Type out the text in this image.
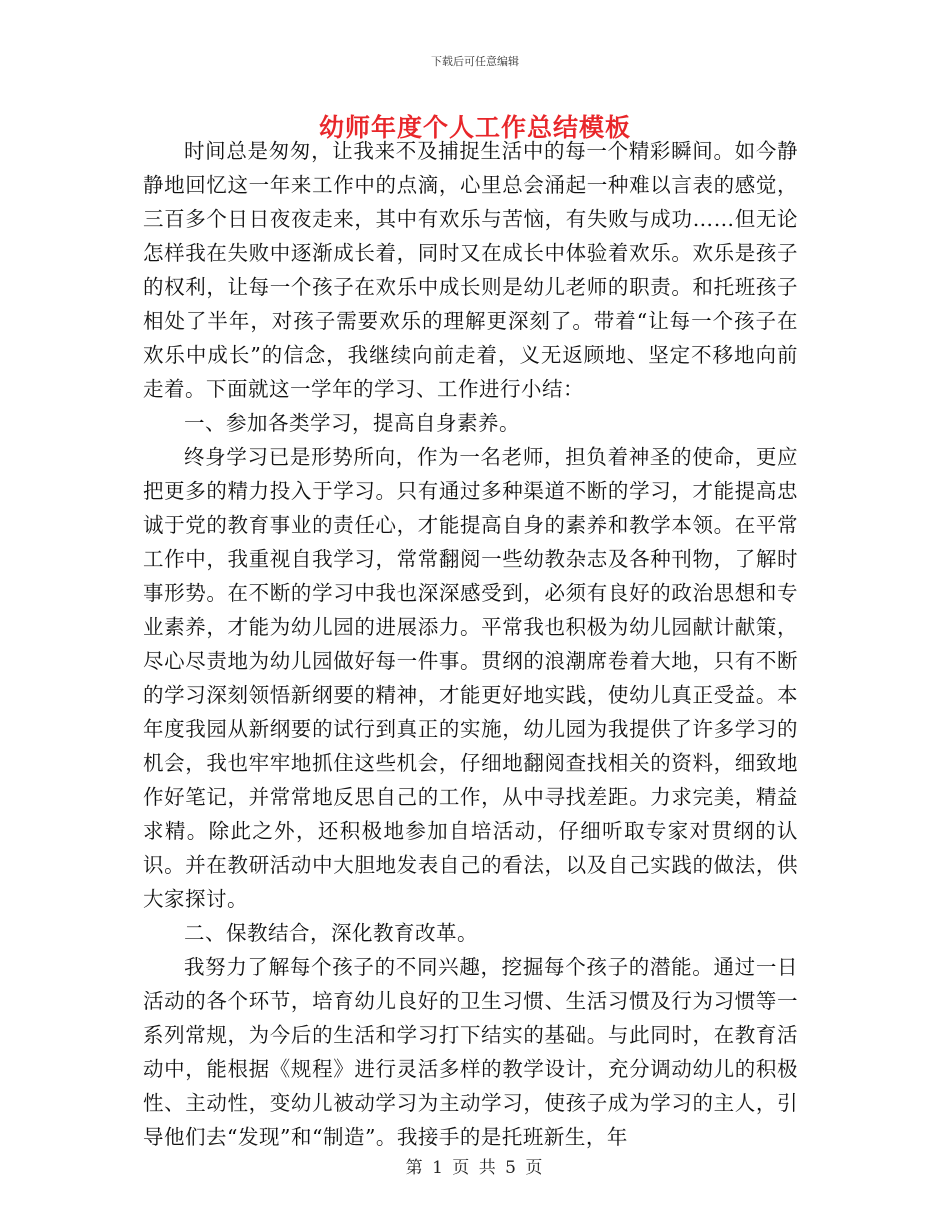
下载后可任意编辑
幼师年度个人工作总结模板

时间总是匆匆，让我来不及捕捉生活中的每一个精彩瞬间。如今静静地回忆这一年来工作中的点滴，心里总会涌起一种难以言表的感觉，三百多个日日夜夜走来，其中有欢乐与苦恼，有失败与成功……但无论怎样我在失败中逐渐成长着，同时又在成长中体验着欢乐。欢乐是孩子的权利，让每一个孩子在欢乐中成长则是幼儿老师的职责。和托班孩子相处了半年，对孩子需要欢乐的理解更深刻了。带着“让每一个孩子在欢乐中成长”的信念，我继续向前走着，义无返顾地、坚定不移地向前走着。下面就这一学年的学习、工作进行小结：

一、参加各类学习，提高自身素养。

终身学习已是形势所向，作为一名老师，担负着神圣的使命，更应把更多的精力投入于学习。只有通过多种渠道不断的学习，才能提高忠诚于党的教育事业的责任心，才能提高自身的素养和教学本领。在平常工作中，我重视自我学习，常常翻阅一些幼教杂志及各种刊物，了解时事形势。在不断的学习中我也深深感受到，必须有良好的政治思想和专业素养，才能为幼儿园的进展添力。平常我也积极为幼儿园献计献策，尽心尽责地为幼儿园做好每一件事。贯纲的浪潮席卷着大地，只有不断的学习深刻领悟新纲要的精神，才能更好地实践，使幼儿真正受益。本年度我园从新纲要的试行到真正的实施，幼儿园为我提供了许多学习的机会，我也牢牢地抓住这些机会，仔细地翻阅查找相关的资料，细致地作好笔记，并常常地反思自己的工作，从中寻找差距。力求完美，精益求精。除此之外，还积极地参加自培活动，仔细听取专家对贯纲的认识。并在教研活动中大胆地发表自己的看法，以及自己实践的做法，供大家探讨。

二、保教结合，深化教育改革。

我努力了解每个孩子的不同兴趣，挖掘每个孩子的潜能。通过一日活动的各个环节，培育幼儿良好的卫生习惯、生活习惯及行为习惯等一系列常规，为今后的生活和学习打下结实的基础。与此同时，在教育活动中，能根据《规程》进行灵活多样的教学设计，充分调动幼儿的积极性、主动性，变幼儿被动学习为主动学习，使孩子成为学习的主人，引导他们去“发现”和“制造”。我接手的是托班新生，年

第 1 页 共 5 页
